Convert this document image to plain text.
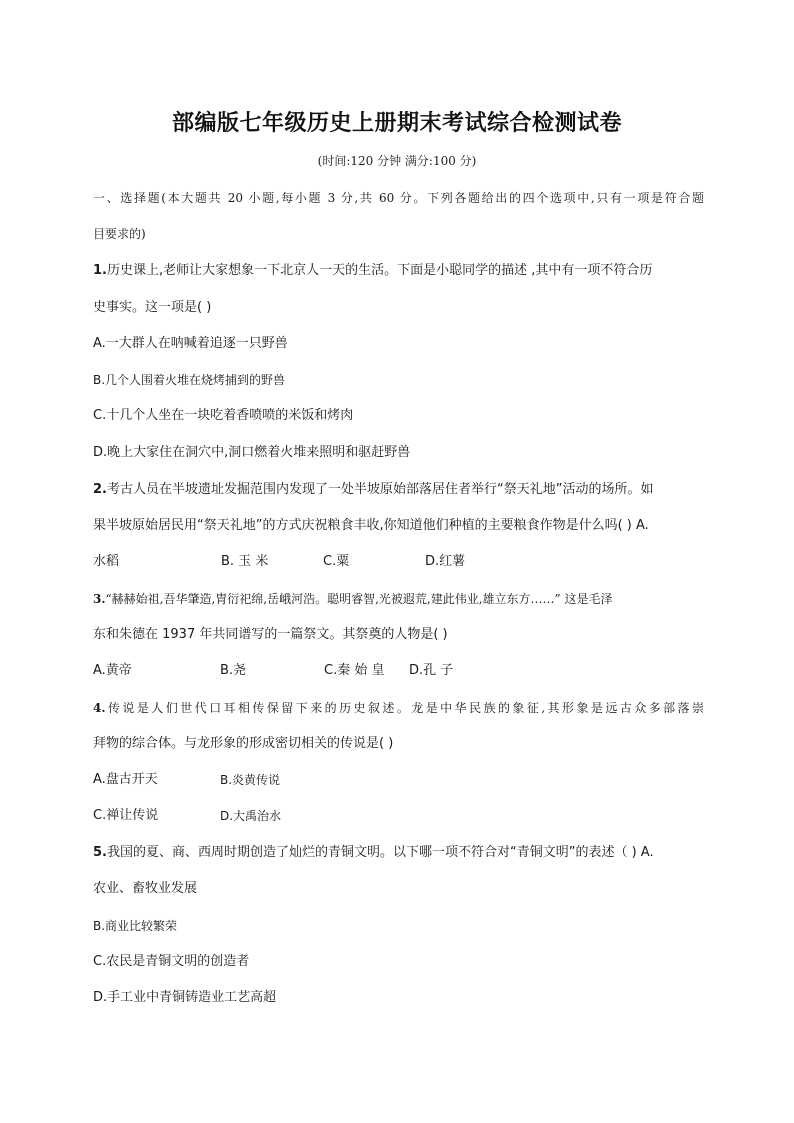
部编版七年级历史上册期末考试综合检测试卷
(时间:120 分钟 满分:100 分)
一、选择题(本大题共 20 小题,每小题 3 分,共 60 分。下列各题给出的四个选项中,只有一项是符合题
目要求的)
1.历史课上,老师让大家想象一下北京人一天的生活。下面是小聪同学的描述 ,其中有一项不符合历
史事实。这一项是( )
A.一大群人在呐喊着追逐一只野兽
B.几个人围着火堆在烧烤捕到的野兽
C.十几个人坐在一块吃着香喷喷的米饭和烤肉
D.晚上大家住在洞穴中,洞口燃着火堆来照明和驱赶野兽
2.考古人员在半坡遗址发掘范围内发现了一处半坡原始部落居住者举行“祭天礼地”活动的场所。如
果半坡原始居民用“祭天礼地”的方式庆祝粮食丰收,你知道他们种植的主要粮食作物是什么吗( ) A.
水稻	B. 玉 米	C.粟	D.红薯
3.“赫赫始祖,吾华肇造,胄衍祀绵,岳峨河浩。聪明睿智,光被遐荒,建此伟业,雄立东方……” 这是毛泽
东和朱德在 1937 年共同谱写的一篇祭文。其祭奠的人物是( )
A.黄帝	B.尧	C.秦 始 皇 D.孔 子
4.传说是人们世代口耳相传保留下来的历史叙述。龙是中华民族的象征,其形象是远古众多部落崇
拜物的综合体。与龙形象的形成密切相关的传说是( )
A.盘古开天	B.炎黄传说
C.禅让传说	D.大禹治水
5.我国的夏、商、西周时期创造了灿烂的青铜文明。以下哪一项不符合对“青铜文明”的表述（ ) A.
农业、畜牧业发展
B.商业比较繁荣
C.农民是青铜文明的创造者
D.手工业中青铜铸造业工艺高超
